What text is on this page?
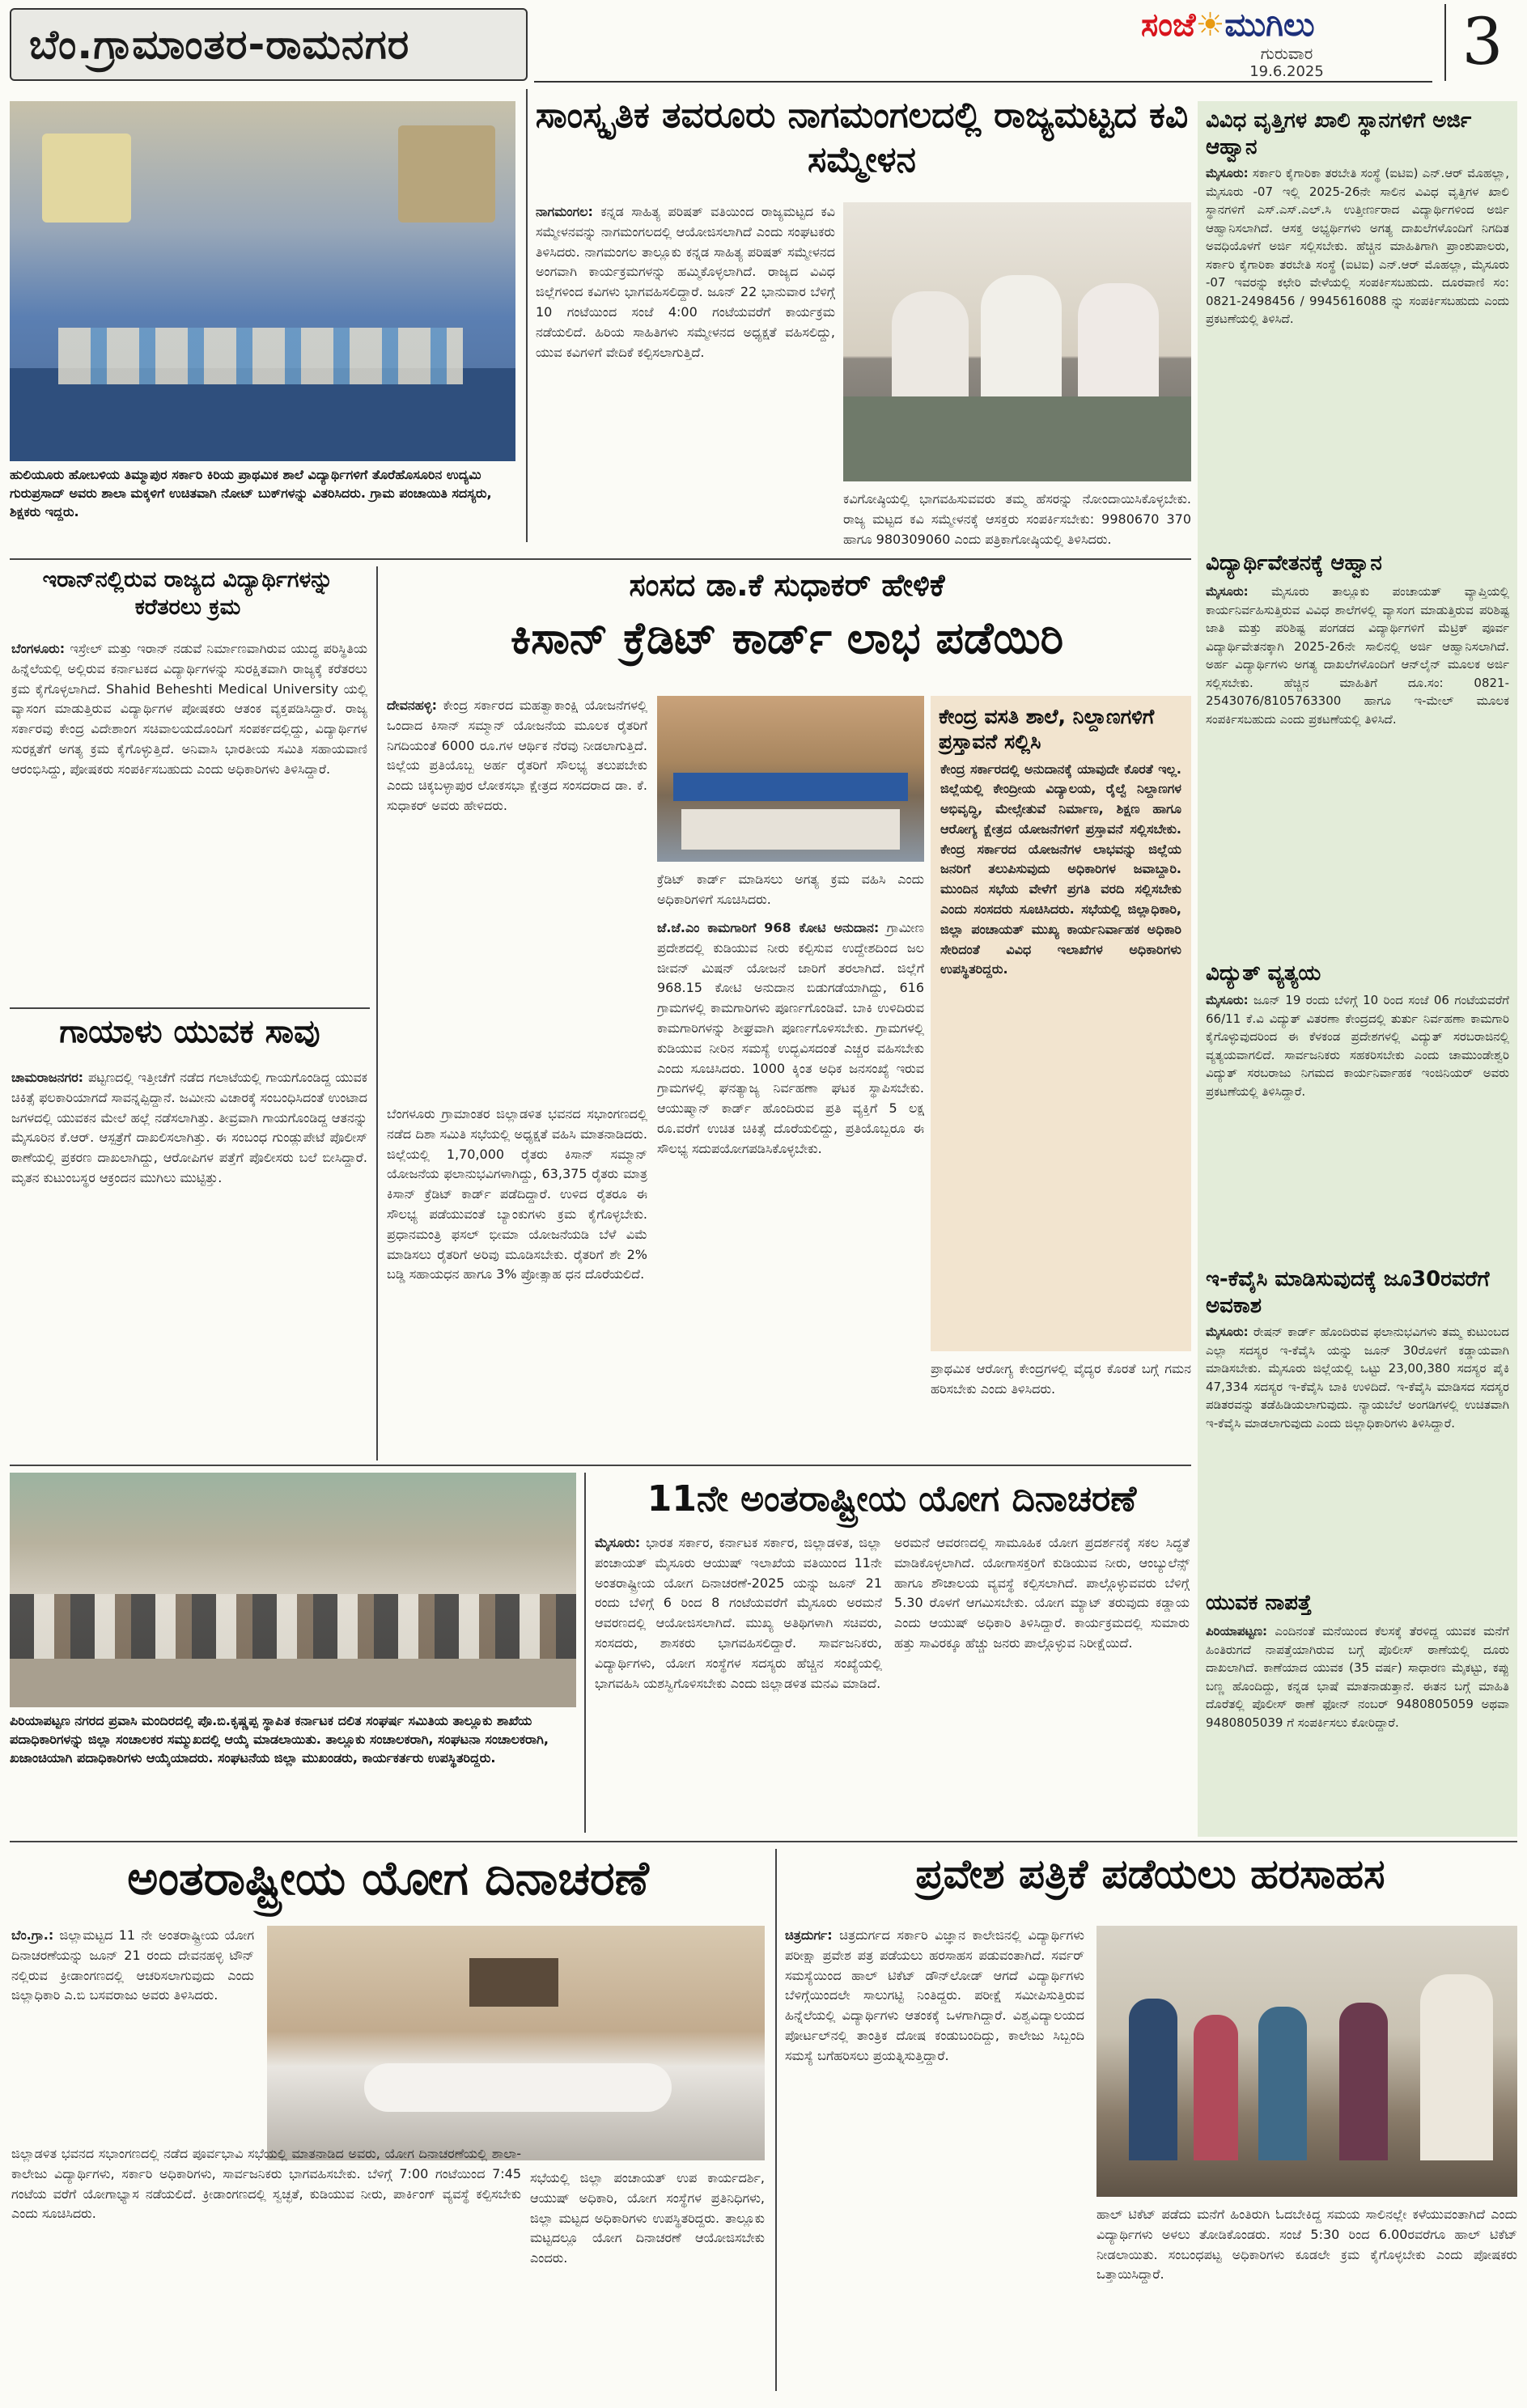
ಬೆಂ.ಗ್ರಾಮಾಂತರ-ರಾಮನಗರ	ಸಂಜೆ☀ಮುಗಿಲು
ಗುರುವಾರ
19.6.2025	3
ಹುಲಿಯೂರು ಹೋಬಳಿಯ ತಿಮ್ಮಾಪುರ ಸರ್ಕಾರಿ ಕಿರಿಯ ಪ್ರಾಥಮಿಕ ಶಾಲೆ ವಿದ್ಯಾರ್ಥಿಗಳಿಗೆ ತೊರೆಹೊಸೂರಿನ ಉದ್ಯಮಿ ಗುರುಪ್ರಸಾದ್ ಅವರು ಶಾಲಾ ಮಕ್ಕಳಿಗೆ ಉಚಿತವಾಗಿ ನೋಟ್ ಬುಕ್‌ಗಳನ್ನು ವಿತರಿಸಿದರು. ಗ್ರಾಮ ಪಂಚಾಯಿತಿ ಸದಸ್ಯರು, ಶಿಕ್ಷಕರು ಇದ್ದರು.
ಸಾಂಸ್ಕೃತಿಕ ತವರೂರು ನಾಗಮಂಗಲದಲ್ಲಿ ರಾಜ್ಯಮಟ್ಟದ ಕವಿ ಸಮ್ಮೇಳನ
ನಾಗಮಂಗಲ: ಕನ್ನಡ ಸಾಹಿತ್ಯ ಪರಿಷತ್ ವತಿಯಿಂದ ರಾಜ್ಯಮಟ್ಟದ ಕವಿ ಸಮ್ಮೇಳನವನ್ನು ನಾಗಮಂಗಲದಲ್ಲಿ ಆಯೋಜಿಸಲಾಗಿದೆ ಎಂದು ಸಂಘಟಕರು ತಿಳಿಸಿದರು. ನಾಗಮಂಗಲ ತಾಲ್ಲೂಕು ಕನ್ನಡ ಸಾಹಿತ್ಯ ಪರಿಷತ್ ಸಮ್ಮೇಳನದ ಅಂಗವಾಗಿ ಕಾರ್ಯಕ್ರಮಗಳನ್ನು ಹಮ್ಮಿಕೊಳ್ಳಲಾಗಿದೆ. ರಾಜ್ಯದ ವಿವಿಧ ಜಿಲ್ಲೆಗಳಿಂದ ಕವಿಗಳು ಭಾಗವಹಿಸಲಿದ್ದಾರೆ. ಜೂನ್ 22 ಭಾನುವಾರ ಬೆಳಿಗ್ಗೆ 10 ಗಂಟೆಯಿಂದ ಸಂಜೆ 4:00 ಗಂಟೆಯವರೆಗೆ ಕಾರ್ಯಕ್ರಮ ನಡೆಯಲಿದೆ. ಹಿರಿಯ ಸಾಹಿತಿಗಳು ಸಮ್ಮೇಳನದ ಅಧ್ಯಕ್ಷತೆ ವಹಿಸಲಿದ್ದು, ಯುವ ಕವಿಗಳಿಗೆ ವೇದಿಕೆ ಕಲ್ಪಿಸಲಾಗುತ್ತಿದೆ.
ಕವಿಗೋಷ್ಠಿಯಲ್ಲಿ ಭಾಗವಹಿಸುವವರು ತಮ್ಮ ಹೆಸರನ್ನು ನೋಂದಾಯಿಸಿಕೊಳ್ಳಬೇಕು. ರಾಜ್ಯ ಮಟ್ಟದ ಕವಿ ಸಮ್ಮೇಳನಕ್ಕೆ ಆಸಕ್ತರು ಸಂಪರ್ಕಿಸಬೇಕು: 9980670 370 ಹಾಗೂ 980309060 ಎಂದು ಪತ್ರಿಕಾಗೋಷ್ಠಿಯಲ್ಲಿ ತಿಳಿಸಿದರು.
ಇರಾನ್‌ನಲ್ಲಿರುವ ರಾಜ್ಯದ ವಿದ್ಯಾರ್ಥಿಗಳನ್ನು ಕರೆತರಲು ಕ್ರಮ
ಬೆಂಗಳೂರು: ಇಸ್ರೇಲ್ ಮತ್ತು ಇರಾನ್ ನಡುವೆ ನಿರ್ಮಾಣವಾಗಿರುವ ಯುದ್ಧ ಪರಿಸ್ಥಿತಿಯ ಹಿನ್ನೆಲೆಯಲ್ಲಿ ಅಲ್ಲಿರುವ ಕರ್ನಾಟಕದ ವಿದ್ಯಾರ್ಥಿಗಳನ್ನು ಸುರಕ್ಷಿತವಾಗಿ ರಾಜ್ಯಕ್ಕೆ ಕರೆತರಲು ಕ್ರಮ ಕೈಗೊಳ್ಳಲಾಗಿದೆ. Shahid Beheshti Medical University ಯಲ್ಲಿ ವ್ಯಾಸಂಗ ಮಾಡುತ್ತಿರುವ ವಿದ್ಯಾರ್ಥಿಗಳ ಪೋಷಕರು ಆತಂಕ ವ್ಯಕ್ತಪಡಿಸಿದ್ದಾರೆ. ರಾಜ್ಯ ಸರ್ಕಾರವು ಕೇಂದ್ರ ವಿದೇಶಾಂಗ ಸಚಿವಾಲಯದೊಂದಿಗೆ ಸಂಪರ್ಕದಲ್ಲಿದ್ದು, ವಿದ್ಯಾರ್ಥಿಗಳ ಸುರಕ್ಷತೆಗೆ ಅಗತ್ಯ ಕ್ರಮ ಕೈಗೊಳ್ಳುತ್ತಿದೆ. ಅನಿವಾಸಿ ಭಾರತೀಯ ಸಮಿತಿ ಸಹಾಯವಾಣಿ ಆರಂಭಿಸಿದ್ದು, ಪೋಷಕರು ಸಂಪರ್ಕಿಸಬಹುದು ಎಂದು ಅಧಿಕಾರಿಗಳು ತಿಳಿಸಿದ್ದಾರೆ.
ಗಾಯಾಳು ಯುವಕ ಸಾವು
ಚಾಮರಾಜನಗರ: ಪಟ್ಟಣದಲ್ಲಿ ಇತ್ತೀಚೆಗೆ ನಡೆದ ಗಲಾಟೆಯಲ್ಲಿ ಗಾಯಗೊಂಡಿದ್ದ ಯುವಕ ಚಿಕಿತ್ಸೆ ಫಲಕಾರಿಯಾಗದೆ ಸಾವನ್ನಪ್ಪಿದ್ದಾನೆ. ಜಮೀನು ವಿಚಾರಕ್ಕೆ ಸಂಬಂಧಿಸಿದಂತೆ ಉಂಟಾದ ಜಗಳದಲ್ಲಿ ಯುವಕನ ಮೇಲೆ ಹಲ್ಲೆ ನಡೆಸಲಾಗಿತ್ತು. ತೀವ್ರವಾಗಿ ಗಾಯಗೊಂಡಿದ್ದ ಆತನನ್ನು ಮೈಸೂರಿನ ಕೆ.ಆರ್. ಆಸ್ಪತ್ರೆಗೆ ದಾಖಲಿಸಲಾಗಿತ್ತು. ಈ ಸಂಬಂಧ ಗುಂಡ್ಲುಪೇಟೆ ಪೊಲೀಸ್ ಠಾಣೆಯಲ್ಲಿ ಪ್ರಕರಣ ದಾಖಲಾಗಿದ್ದು, ಆರೋಪಿಗಳ ಪತ್ತೆಗೆ ಪೊಲೀಸರು ಬಲೆ ಬೀಸಿದ್ದಾರೆ. ಮೃತನ ಕುಟುಂಬಸ್ಥರ ಆಕ್ರಂದನ ಮುಗಿಲು ಮುಟ್ಟಿತ್ತು.
ಸಂಸದ ಡಾ.ಕೆ ಸುಧಾಕರ್ ಹೇಳಿಕೆ
ಕಿಸಾನ್ ಕ್ರೆಡಿಟ್ ಕಾರ್ಡ್ ಲಾಭ ಪಡೆಯಿರಿ
ದೇವನಹಳ್ಳಿ: ಕೇಂದ್ರ ಸರ್ಕಾರದ ಮಹತ್ವಾಕಾಂಕ್ಷಿ ಯೋಜನೆಗಳಲ್ಲಿ ಒಂದಾದ ಕಿಸಾನ್ ಸಮ್ಮಾನ್ ಯೋಜನೆಯ ಮೂಲಕ ರೈತರಿಗೆ ನಿಗದಿಯಂತೆ 6000 ರೂ.ಗಳ ಆರ್ಥಿಕ ನೆರವು ನೀಡಲಾಗುತ್ತಿದೆ. ಜಿಲ್ಲೆಯ ಪ್ರತಿಯೊಬ್ಬ ಅರ್ಹ ರೈತರಿಗೆ ಸೌಲಭ್ಯ ತಲುಪಬೇಕು ಎಂದು ಚಿಕ್ಕಬಳ್ಳಾಪುರ ಲೋಕಸಭಾ ಕ್ಷೇತ್ರದ ಸಂಸದರಾದ ಡಾ. ಕೆ. ಸುಧಾಕರ್ ಅವರು ಹೇಳಿದರು.
ಕ್ರೆಡಿಟ್ ಕಾರ್ಡ್ ಮಾಡಿಸಲು ಅಗತ್ಯ ಕ್ರಮ ವಹಿಸಿ ಎಂದು ಅಧಿಕಾರಿಗಳಿಗೆ ಸೂಚಿಸಿದರು.
ಜೆ.ಜೆ.ಎಂ ಕಾಮಗಾರಿಗೆ 968 ಕೋಟಿ ಅನುದಾನ: ಗ್ರಾಮೀಣ ಪ್ರದೇಶದಲ್ಲಿ ಕುಡಿಯುವ ನೀರು ಕಲ್ಪಿಸುವ ಉದ್ದೇಶದಿಂದ ಜಲ ಜೀವನ್ ಮಿಷನ್ ಯೋಜನೆ ಜಾರಿಗೆ ತರಲಾಗಿದೆ. ಜಿಲ್ಲೆಗೆ 968.15 ಕೋಟಿ ಅನುದಾನ ಬಿಡುಗಡೆಯಾಗಿದ್ದು, 616 ಗ್ರಾಮಗಳಲ್ಲಿ ಕಾಮಗಾರಿಗಳು ಪೂರ್ಣಗೊಂಡಿವೆ. ಬಾಕಿ ಉಳಿದಿರುವ ಕಾಮಗಾರಿಗಳನ್ನು ಶೀಘ್ರವಾಗಿ ಪೂರ್ಣಗೊಳಿಸಬೇಕು. ಗ್ರಾಮಗಳಲ್ಲಿ ಕುಡಿಯುವ ನೀರಿನ ಸಮಸ್ಯೆ ಉದ್ಭವಿಸದಂತೆ ಎಚ್ಚರ ವಹಿಸಬೇಕು ಎಂದು ಸೂಚಿಸಿದರು. 1000 ಕ್ಕಿಂತ ಅಧಿಕ ಜನಸಂಖ್ಯೆ ಇರುವ ಗ್ರಾಮಗಳಲ್ಲಿ ಘನತ್ಯಾಜ್ಯ ನಿರ್ವಹಣಾ ಘಟಕ ಸ್ಥಾಪಿಸಬೇಕು. ಆಯುಷ್ಮಾನ್ ಕಾರ್ಡ್ ಹೊಂದಿರುವ ಪ್ರತಿ ವ್ಯಕ್ತಿಗೆ 5 ಲಕ್ಷ ರೂ.ವರೆಗೆ ಉಚಿತ ಚಿಕಿತ್ಸೆ ದೊರೆಯಲಿದ್ದು, ಪ್ರತಿಯೊಬ್ಬರೂ ಈ ಸೌಲಭ್ಯ ಸದುಪಯೋಗಪಡಿಸಿಕೊಳ್ಳಬೇಕು.
ಬೆಂಗಳೂರು ಗ್ರಾಮಾಂತರ ಜಿಲ್ಲಾಡಳಿತ ಭವನದ ಸಭಾಂಗಣದಲ್ಲಿ ನಡೆದ ದಿಶಾ ಸಮಿತಿ ಸಭೆಯಲ್ಲಿ ಅಧ್ಯಕ್ಷತೆ ವಹಿಸಿ ಮಾತನಾಡಿದರು. ಜಿಲ್ಲೆಯಲ್ಲಿ 1,70,000 ರೈತರು ಕಿಸಾನ್ ಸಮ್ಮಾನ್ ಯೋಜನೆಯ ಫಲಾನುಭವಿಗಳಾಗಿದ್ದು, 63,375 ರೈತರು ಮಾತ್ರ ಕಿಸಾನ್ ಕ್ರೆಡಿಟ್ ಕಾರ್ಡ್ ಪಡೆದಿದ್ದಾರೆ. ಉಳಿದ ರೈತರೂ ಈ ಸೌಲಭ್ಯ ಪಡೆಯುವಂತೆ ಬ್ಯಾಂಕುಗಳು ಕ್ರಮ ಕೈಗೊಳ್ಳಬೇಕು. ಪ್ರಧಾನಮಂತ್ರಿ ಫಸಲ್ ಭೀಮಾ ಯೋಜನೆಯಡಿ ಬೆಳೆ ವಿಮೆ ಮಾಡಿಸಲು ರೈತರಿಗೆ ಅರಿವು ಮೂಡಿಸಬೇಕು. ರೈತರಿಗೆ ಶೇ 2% ಬಡ್ಡಿ ಸಹಾಯಧನ ಹಾಗೂ 3% ಪ್ರೋತ್ಸಾಹ ಧನ ದೊರೆಯಲಿದೆ.
ಕೇಂದ್ರ ವಸತಿ ಶಾಲೆ, ನಿಲ್ದಾಣಗಳಿಗೆ ಪ್ರಸ್ತಾವನೆ ಸಲ್ಲಿಸಿ
ಕೇಂದ್ರ ಸರ್ಕಾರದಲ್ಲಿ ಅನುದಾನಕ್ಕೆ ಯಾವುದೇ ಕೊರತೆ ಇಲ್ಲ. ಜಿಲ್ಲೆಯಲ್ಲಿ ಕೇಂದ್ರೀಯ ವಿದ್ಯಾಲಯ, ರೈಲ್ವೆ ನಿಲ್ದಾಣಗಳ ಅಭಿವೃದ್ಧಿ, ಮೇಲ್ಸೇತುವೆ ನಿರ್ಮಾಣ, ಶಿಕ್ಷಣ ಹಾಗೂ ಆರೋಗ್ಯ ಕ್ಷೇತ್ರದ ಯೋಜನೆಗಳಿಗೆ ಪ್ರಸ್ತಾವನೆ ಸಲ್ಲಿಸಬೇಕು. ಕೇಂದ್ರ ಸರ್ಕಾರದ ಯೋಜನೆಗಳ ಲಾಭವನ್ನು ಜಿಲ್ಲೆಯ ಜನರಿಗೆ ತಲುಪಿಸುವುದು ಅಧಿಕಾರಿಗಳ ಜವಾಬ್ದಾರಿ. ಮುಂದಿನ ಸಭೆಯ ವೇಳೆಗೆ ಪ್ರಗತಿ ವರದಿ ಸಲ್ಲಿಸಬೇಕು ಎಂದು ಸಂಸದರು ಸೂಚಿಸಿದರು. ಸಭೆಯಲ್ಲಿ ಜಿಲ್ಲಾಧಿಕಾರಿ, ಜಿಲ್ಲಾ ಪಂಚಾಯತ್ ಮುಖ್ಯ ಕಾರ್ಯನಿರ್ವಾಹಕ ಅಧಿಕಾರಿ ಸೇರಿದಂತೆ ವಿವಿಧ ಇಲಾಖೆಗಳ ಅಧಿಕಾರಿಗಳು ಉಪಸ್ಥಿತರಿದ್ದರು.
ಪ್ರಾಥಮಿಕ ಆರೋಗ್ಯ ಕೇಂದ್ರಗಳಲ್ಲಿ ವೈದ್ಯರ ಕೊರತೆ ಬಗ್ಗೆ ಗಮನ ಹರಿಸಬೇಕು ಎಂದು ತಿಳಿಸಿದರು.
ಪಿರಿಯಾಪಟ್ಟಣ ನಗರದ ಪ್ರವಾಸಿ ಮಂದಿರದಲ್ಲಿ ಪೊ.ಬಿ.ಕೃಷ್ಣಪ್ಪ ಸ್ಥಾಪಿತ ಕರ್ನಾಟಕ ದಲಿತ ಸಂಘರ್ಷ ಸಮಿತಿಯ ತಾಲ್ಲೂಕು ಶಾಖೆಯ ಪದಾಧಿಕಾರಿಗಳನ್ನು ಜಿಲ್ಲಾ ಸಂಚಾಲಕರ ಸಮ್ಮುಖದಲ್ಲಿ ಆಯ್ಕೆ ಮಾಡಲಾಯಿತು. ತಾಲ್ಲೂಕು ಸಂಚಾಲಕರಾಗಿ, ಸಂಘಟನಾ ಸಂಚಾಲಕರಾಗಿ, ಖಜಾಂಚಿಯಾಗಿ ಪದಾಧಿಕಾರಿಗಳು ಆಯ್ಕೆಯಾದರು. ಸಂಘಟನೆಯ ಜಿಲ್ಲಾ ಮುಖಂಡರು, ಕಾರ್ಯಕರ್ತರು ಉಪಸ್ಥಿತರಿದ್ದರು.
11ನೇ ಅಂತರಾಷ್ಟ್ರೀಯ ಯೋಗ ದಿನಾಚರಣೆ
ಮೈಸೂರು: ಭಾರತ ಸರ್ಕಾರ, ಕರ್ನಾಟಕ ಸರ್ಕಾರ, ಜಿಲ್ಲಾಡಳಿತ, ಜಿಲ್ಲಾ ಪಂಚಾಯತ್ ಮೈಸೂರು ಆಯುಷ್ ಇಲಾಖೆಯ ವತಿಯಿಂದ 11ನೇ ಅಂತರಾಷ್ಟ್ರೀಯ ಯೋಗ ದಿನಾಚರಣೆ-2025 ಯನ್ನು ಜೂನ್ 21 ರಂದು ಬೆಳಿಗ್ಗೆ 6 ರಿಂದ 8 ಗಂಟೆಯವರೆಗೆ ಮೈಸೂರು ಅರಮನೆ ಆವರಣದಲ್ಲಿ ಆಯೋಜಿಸಲಾಗಿದೆ. ಮುಖ್ಯ ಅತಿಥಿಗಳಾಗಿ ಸಚಿವರು, ಸಂಸದರು, ಶಾಸಕರು ಭಾಗವಹಿಸಲಿದ್ದಾರೆ. ಸಾರ್ವಜನಿಕರು, ವಿದ್ಯಾರ್ಥಿಗಳು, ಯೋಗ ಸಂಸ್ಥೆಗಳ ಸದಸ್ಯರು ಹೆಚ್ಚಿನ ಸಂಖ್ಯೆಯಲ್ಲಿ ಭಾಗವಹಿಸಿ ಯಶಸ್ವಿಗೊಳಿಸಬೇಕು ಎಂದು ಜಿಲ್ಲಾಡಳಿತ ಮನವಿ ಮಾಡಿದೆ.
ಅರಮನೆ ಆವರಣದಲ್ಲಿ ಸಾಮೂಹಿಕ ಯೋಗ ಪ್ರದರ್ಶನಕ್ಕೆ ಸಕಲ ಸಿದ್ಧತೆ ಮಾಡಿಕೊಳ್ಳಲಾಗಿದೆ. ಯೋಗಾಸಕ್ತರಿಗೆ ಕುಡಿಯುವ ನೀರು, ಆಂಬ್ಯುಲೆನ್ಸ್ ಹಾಗೂ ಶೌಚಾಲಯ ವ್ಯವಸ್ಥೆ ಕಲ್ಪಿಸಲಾಗಿದೆ. ಪಾಲ್ಗೊಳ್ಳುವವರು ಬೆಳಿಗ್ಗೆ 5.30 ರೊಳಗೆ ಆಗಮಿಸಬೇಕು. ಯೋಗ ಮ್ಯಾಟ್ ತರುವುದು ಕಡ್ಡಾಯ ಎಂದು ಆಯುಷ್ ಅಧಿಕಾರಿ ತಿಳಿಸಿದ್ದಾರೆ. ಕಾರ್ಯಕ್ರಮದಲ್ಲಿ ಸುಮಾರು ಹತ್ತು ಸಾವಿರಕ್ಕೂ ಹೆಚ್ಚು ಜನರು ಪಾಲ್ಗೊಳ್ಳುವ ನಿರೀಕ್ಷೆಯಿದೆ.
ಅಂತರಾಷ್ಟ್ರೀಯ ಯೋಗ ದಿನಾಚರಣೆ
ಬೆಂ.ಗ್ರಾ.: ಜಿಲ್ಲಾಮಟ್ಟದ 11 ನೇ ಅಂತರಾಷ್ಟ್ರೀಯ ಯೋಗ ದಿನಾಚರಣೆಯನ್ನು ಜೂನ್ 21 ರಂದು ದೇವನಹಳ್ಳಿ ಟೌನ್ ನಲ್ಲಿರುವ ಕ್ರೀಡಾಂಗಣದಲ್ಲಿ ಆಚರಿಸಲಾಗುವುದು ಎಂದು ಜಿಲ್ಲಾಧಿಕಾರಿ ಎ.ಬಿ ಬಸವರಾಜು ಅವರು ತಿಳಿಸಿದರು.
ಜಿಲ್ಲಾಡಳಿತ ಭವನದ ಸಭಾಂಗಣದಲ್ಲಿ ನಡೆದ ಪೂರ್ವಭಾವಿ ಸಭೆಯಲ್ಲಿ ಮಾತನಾಡಿದ ಅವರು, ಯೋಗ ದಿನಾಚರಣೆಯಲ್ಲಿ ಶಾಲಾ-ಕಾಲೇಜು ವಿದ್ಯಾರ್ಥಿಗಳು, ಸರ್ಕಾರಿ ಅಧಿಕಾರಿಗಳು, ಸಾರ್ವಜನಿಕರು ಭಾಗವಹಿಸಬೇಕು. ಬೆಳಿಗ್ಗೆ 7:00 ಗಂಟೆಯಿಂದ 7:45 ಗಂಟೆಯ ವರೆಗೆ ಯೋಗಾಭ್ಯಾಸ ನಡೆಯಲಿದೆ. ಕ್ರೀಡಾಂಗಣದಲ್ಲಿ ಸ್ವಚ್ಛತೆ, ಕುಡಿಯುವ ನೀರು, ಪಾರ್ಕಿಂಗ್ ವ್ಯವಸ್ಥೆ ಕಲ್ಪಿಸಬೇಕು ಎಂದು ಸೂಚಿಸಿದರು.
ಸಭೆಯಲ್ಲಿ ಜಿಲ್ಲಾ ಪಂಚಾಯತ್ ಉಪ ಕಾರ್ಯದರ್ಶಿ, ಆಯುಷ್ ಅಧಿಕಾರಿ, ಯೋಗ ಸಂಸ್ಥೆಗಳ ಪ್ರತಿನಿಧಿಗಳು, ಜಿಲ್ಲಾ ಮಟ್ಟದ ಅಧಿಕಾರಿಗಳು ಉಪಸ್ಥಿತರಿದ್ದರು. ತಾಲ್ಲೂಕು ಮಟ್ಟದಲ್ಲೂ ಯೋಗ ದಿನಾಚರಣೆ ಆಯೋಜಿಸಬೇಕು ಎಂದರು.
ಪ್ರವೇಶ ಪತ್ರಿಕೆ ಪಡೆಯಲು ಹರಸಾಹಸ
ಚಿತ್ರದುರ್ಗ: ಚಿತ್ರದುರ್ಗದ ಸರ್ಕಾರಿ ವಿಜ್ಞಾನ ಕಾಲೇಜಿನಲ್ಲಿ ವಿದ್ಯಾರ್ಥಿಗಳು ಪರೀಕ್ಷಾ ಪ್ರವೇಶ ಪತ್ರ ಪಡೆಯಲು ಹರಸಾಹಸ ಪಡುವಂತಾಗಿದೆ. ಸರ್ವರ್ ಸಮಸ್ಯೆಯಿಂದ ಹಾಲ್ ಟಿಕೆಟ್ ಡೌನ್‌ಲೋಡ್ ಆಗದೆ ವಿದ್ಯಾರ್ಥಿಗಳು ಬೆಳಿಗ್ಗೆಯಿಂದಲೇ ಸಾಲುಗಟ್ಟಿ ನಿಂತಿದ್ದರು. ಪರೀಕ್ಷೆ ಸಮೀಪಿಸುತ್ತಿರುವ ಹಿನ್ನೆಲೆಯಲ್ಲಿ ವಿದ್ಯಾರ್ಥಿಗಳು ಆತಂಕಕ್ಕೆ ಒಳಗಾಗಿದ್ದಾರೆ. ವಿಶ್ವವಿದ್ಯಾಲಯದ ಪೋರ್ಟಲ್‌ನಲ್ಲಿ ತಾಂತ್ರಿಕ ದೋಷ ಕಂಡುಬಂದಿದ್ದು, ಕಾಲೇಜು ಸಿಬ್ಬಂದಿ ಸಮಸ್ಯೆ ಬಗೆಹರಿಸಲು ಪ್ರಯತ್ನಿಸುತ್ತಿದ್ದಾರೆ.
ಹಾಲ್ ಟಿಕೆಟ್ ಪಡೆದು ಮನೆಗೆ ಹಿಂತಿರುಗಿ ಓದಬೇಕಿದ್ದ ಸಮಯ ಸಾಲಿನಲ್ಲೇ ಕಳೆಯುವಂತಾಗಿದೆ ಎಂದು ವಿದ್ಯಾರ್ಥಿಗಳು ಅಳಲು ತೋಡಿಕೊಂಡರು. ಸಂಜೆ 5:30 ರಿಂದ 6.00ರವರೆಗೂ ಹಾಲ್ ಟಿಕೆಟ್ ನೀಡಲಾಯಿತು. ಸಂಬಂಧಪಟ್ಟ ಅಧಿಕಾರಿಗಳು ಕೂಡಲೇ ಕ್ರಮ ಕೈಗೊಳ್ಳಬೇಕು ಎಂದು ಪೋಷಕರು ಒತ್ತಾಯಿಸಿದ್ದಾರೆ.
ವಿವಿಧ ವೃತ್ತಿಗಳ ಖಾಲಿ ಸ್ಥಾನಗಳಿಗೆ ಅರ್ಜಿ ಆಹ್ವಾನ
ಮೈಸೂರು: ಸರ್ಕಾರಿ ಕೈಗಾರಿಕಾ ತರಬೇತಿ ಸಂಸ್ಥೆ (ಐಟಿಐ) ಎನ್.ಆರ್ ಮೊಹಲ್ಲಾ, ಮೈಸೂರು -07 ಇಲ್ಲಿ 2025-26ನೇ ಸಾಲಿನ ವಿವಿಧ ವೃತ್ತಿಗಳ ಖಾಲಿ ಸ್ಥಾನಗಳಿಗೆ ಎಸ್.ಎಸ್.ಎಲ್.ಸಿ ಉತ್ತೀರ್ಣರಾದ ವಿದ್ಯಾರ್ಥಿಗಳಿಂದ ಅರ್ಜಿ ಆಹ್ವಾನಿಸಲಾಗಿದೆ. ಆಸಕ್ತ ಅಭ್ಯರ್ಥಿಗಳು ಅಗತ್ಯ ದಾಖಲೆಗಳೊಂದಿಗೆ ನಿಗದಿತ ಅವಧಿಯೊಳಗೆ ಅರ್ಜಿ ಸಲ್ಲಿಸಬೇಕು. ಹೆಚ್ಚಿನ ಮಾಹಿತಿಗಾಗಿ ಪ್ರಾಂಶುಪಾಲರು, ಸರ್ಕಾರಿ ಕೈಗಾರಿಕಾ ತರಬೇತಿ ಸಂಸ್ಥೆ (ಐಟಿಐ) ಎನ್.ಆರ್ ಮೊಹಲ್ಲಾ, ಮೈಸೂರು -07 ಇವರನ್ನು ಕಛೇರಿ ವೇಳೆಯಲ್ಲಿ ಸಂಪರ್ಕಿಸಬಹುದು. ದೂರವಾಣಿ ಸಂ: 0821-2498456 / 9945616088 ನ್ನು ಸಂಪರ್ಕಿಸಬಹುದು ಎಂದು ಪ್ರಕಟಣೆಯಲ್ಲಿ ತಿಳಿಸಿದೆ.
ವಿದ್ಯಾರ್ಥಿವೇತನಕ್ಕೆ ಆಹ್ವಾನ
ಮೈಸೂರು: ಮೈಸೂರು ತಾಲ್ಲೂಕು ಪಂಚಾಯತ್ ವ್ಯಾಪ್ತಿಯಲ್ಲಿ ಕಾರ್ಯನಿರ್ವಹಿಸುತ್ತಿರುವ ವಿವಿಧ ಶಾಲೆಗಳಲ್ಲಿ ವ್ಯಾಸಂಗ ಮಾಡುತ್ತಿರುವ ಪರಿಶಿಷ್ಟ ಜಾತಿ ಮತ್ತು ಪರಿಶಿಷ್ಟ ಪಂಗಡದ ವಿದ್ಯಾರ್ಥಿಗಳಿಗೆ ಮೆಟ್ರಿಕ್ ಪೂರ್ವ ವಿದ್ಯಾರ್ಥಿವೇತನಕ್ಕಾಗಿ 2025-26ನೇ ಸಾಲಿನಲ್ಲಿ ಅರ್ಜಿ ಆಹ್ವಾನಿಸಲಾಗಿದೆ. ಅರ್ಹ ವಿದ್ಯಾರ್ಥಿಗಳು ಅಗತ್ಯ ದಾಖಲೆಗಳೊಂದಿಗೆ ಆನ್‌ಲೈನ್ ಮೂಲಕ ಅರ್ಜಿ ಸಲ್ಲಿಸಬೇಕು. ಹೆಚ್ಚಿನ ಮಾಹಿತಿಗೆ ದೂ.ಸಂ: 0821-2543076/8105763300 ಹಾಗೂ ಇ-ಮೇಲ್ ಮೂಲಕ ಸಂಪರ್ಕಿಸಬಹುದು ಎಂದು ಪ್ರಕಟಣೆಯಲ್ಲಿ ತಿಳಿಸಿದೆ.
ವಿದ್ಯುತ್ ವ್ಯತ್ಯಯ
ಮೈಸೂರು: ಜೂನ್ 19 ರಂದು ಬೆಳಿಗ್ಗೆ 10 ರಿಂದ ಸಂಜೆ 06 ಗಂಟೆಯವರೆಗೆ 66/11 ಕೆ.ವಿ ವಿದ್ಯುತ್ ವಿತರಣಾ ಕೇಂದ್ರದಲ್ಲಿ ತುರ್ತು ನಿರ್ವಹಣಾ ಕಾಮಗಾರಿ ಕೈಗೊಳ್ಳುವುದರಿಂದ ಈ ಕೆಳಕಂಡ ಪ್ರದೇಶಗಳಲ್ಲಿ ವಿದ್ಯುತ್ ಸರಬರಾಜಿನಲ್ಲಿ ವ್ಯತ್ಯಯವಾಗಲಿದೆ. ಸಾರ್ವಜನಿಕರು ಸಹಕರಿಸಬೇಕು ಎಂದು ಚಾಮುಂಡೇಶ್ವರಿ ವಿದ್ಯುತ್ ಸರಬರಾಜು ನಿಗಮದ ಕಾರ್ಯನಿರ್ವಾಹಕ ಇಂಜಿನಿಯರ್ ಅವರು ಪ್ರಕಟಣೆಯಲ್ಲಿ ತಿಳಿಸಿದ್ದಾರೆ.
ಇ-ಕೆವೈಸಿ ಮಾಡಿಸುವುದಕ್ಕೆ ಜೂ30ರವರೆಗೆ ಅವಕಾಶ
ಮೈಸೂರು: ರೇಷನ್ ಕಾರ್ಡ್ ಹೊಂದಿರುವ ಫಲಾನುಭವಿಗಳು ತಮ್ಮ ಕುಟುಂಬದ ಎಲ್ಲಾ ಸದಸ್ಯರ ಇ-ಕೆವೈಸಿ ಯನ್ನು ಜೂನ್ 30ರೊಳಗೆ ಕಡ್ಡಾಯವಾಗಿ ಮಾಡಿಸಬೇಕು. ಮೈಸೂರು ಜಿಲ್ಲೆಯಲ್ಲಿ ಒಟ್ಟು 23,00,380 ಸದಸ್ಯರ ಪೈಕಿ 47,334 ಸದಸ್ಯರ ಇ-ಕೆವೈಸಿ ಬಾಕಿ ಉಳಿದಿದೆ. ಇ-ಕೆವೈಸಿ ಮಾಡಿಸದ ಸದಸ್ಯರ ಪಡಿತರವನ್ನು ತಡೆಹಿಡಿಯಲಾಗುವುದು. ನ್ಯಾಯಬೆಲೆ ಅಂಗಡಿಗಳಲ್ಲಿ ಉಚಿತವಾಗಿ ಇ-ಕೆವೈಸಿ ಮಾಡಲಾಗುವುದು ಎಂದು ಜಿಲ್ಲಾಧಿಕಾರಿಗಳು ತಿಳಿಸಿದ್ದಾರೆ.
ಯುವಕ ನಾಪತ್ತೆ
ಪಿರಿಯಾಪಟ್ಟಣ: ಎಂದಿನಂತೆ ಮನೆಯಿಂದ ಕೆಲಸಕ್ಕೆ ತೆರಳಿದ್ದ ಯುವಕ ಮನೆಗೆ ಹಿಂತಿರುಗದೆ ನಾಪತ್ತೆಯಾಗಿರುವ ಬಗ್ಗೆ ಪೊಲೀಸ್ ಠಾಣೆಯಲ್ಲಿ ದೂರು ದಾಖಲಾಗಿದೆ. ಕಾಣೆಯಾದ ಯುವಕ (35 ವರ್ಷ) ಸಾಧಾರಣ ಮೈಕಟ್ಟು, ಕಪ್ಪು ಬಣ್ಣ ಹೊಂದಿದ್ದು, ಕನ್ನಡ ಭಾಷೆ ಮಾತನಾಡುತ್ತಾನೆ. ಈತನ ಬಗ್ಗೆ ಮಾಹಿತಿ ದೊರೆತಲ್ಲಿ ಪೊಲೀಸ್ ಠಾಣೆ ಫೋನ್ ನಂಬರ್ 9480805059 ಅಥವಾ 9480805039 ಗೆ ಸಂಪರ್ಕಿಸಲು ಕೋರಿದ್ದಾರೆ.
